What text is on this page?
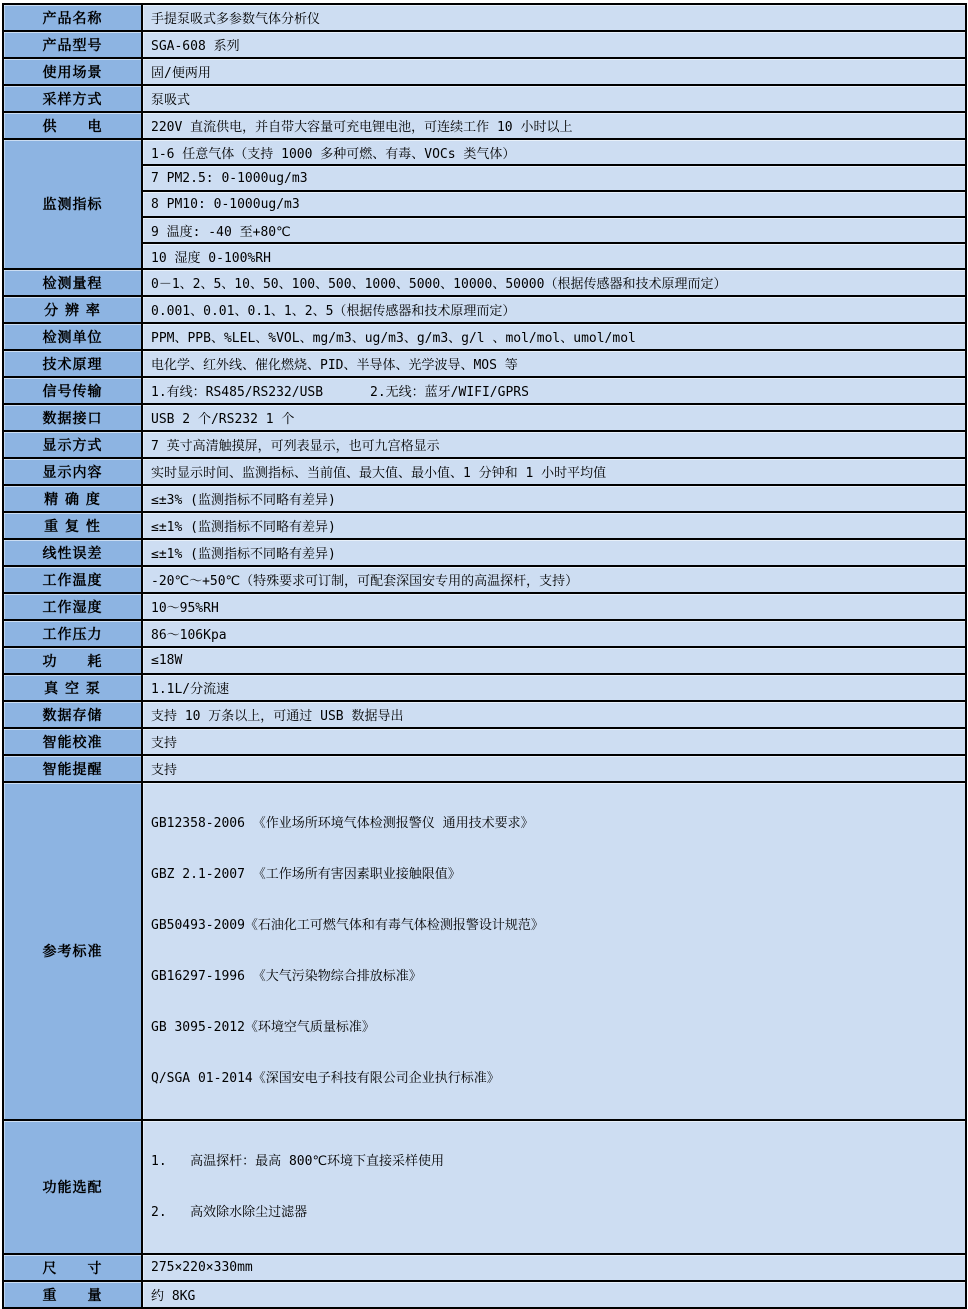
产品名称	手提泵吸式多参数气体分析仪
产品型号	SGA-608 系列
使用场景	固/便两用
采样方式	泵吸式
供　　电	220V 直流供电，并自带大容量可充电锂电池，可连续工作 10 小时以上
监测指标	1-6 任意气体（支持 1000 多种可燃、有毒、VOCs 类气体）
	7 PM2.5: 0-1000ug/m3
	8 PM10: 0-1000ug/m3
	9 温度: -40 至+80℃
	10 湿度 0-100%RH
检测量程	0－1、2、5、10、50、100、500、1000、5000、10000、50000（根据传感器和技术原理而定）
分 辨 率	0.001、0.01、0.1、1、2、5（根据传感器和技术原理而定）
检测单位	PPM、PPB、%LEL、%VOL、mg/m3、ug/m3、g/m3、g/l 、mol/mol、umol/mol
技术原理	电化学、红外线、催化燃烧、PID、半导体、光学波导、MOS 等
信号传输	1.有线：RS485/RS232/USB      2.无线：蓝牙/WIFI/GPRS
数据接口	USB 2 个/RS232 1 个
显示方式	7 英寸高清触摸屏，可列表显示，也可九宫格显示
显示内容	实时显示时间、监测指标、当前值、最大值、最小值、1 分钟和 1 小时平均值
精 确 度	≤±3% (监测指标不同略有差异)
重 复 性	≤±1% (监测指标不同略有差异)
线性误差	≤±1% (监测指标不同略有差异)
工作温度	-20℃～+50℃（特殊要求可订制，可配套深国安专用的高温探杆，支持）
工作湿度	10～95%RH
工作压力	86～106Kpa
功　　耗	≤18W
真 空 泵	1.1L/分流速
数据存储	支持 10 万条以上，可通过 USB 数据导出
智能校准	支持
智能提醒	支持
参考标准	

GB12358-2006 《作业场所环境气体检测报警仪 通用技术要求》

GBZ 2.1-2007 《工作场所有害因素职业接触限值》

GB50493-2009《石油化工可燃气体和有毒气体检测报警设计规范》

GB16297-1996 《大气污染物综合排放标准》

GB 3095-2012《环境空气质量标准》

Q/SGA 01-2014《深国安电子科技有限公司企业执行标准》

功能选配	1.   高温探杆：最高 800℃环境下直接采样使用

2.   高效除水除尘过滤器

尺　　寸	275×220×330mm
重　　量	约 8KG
